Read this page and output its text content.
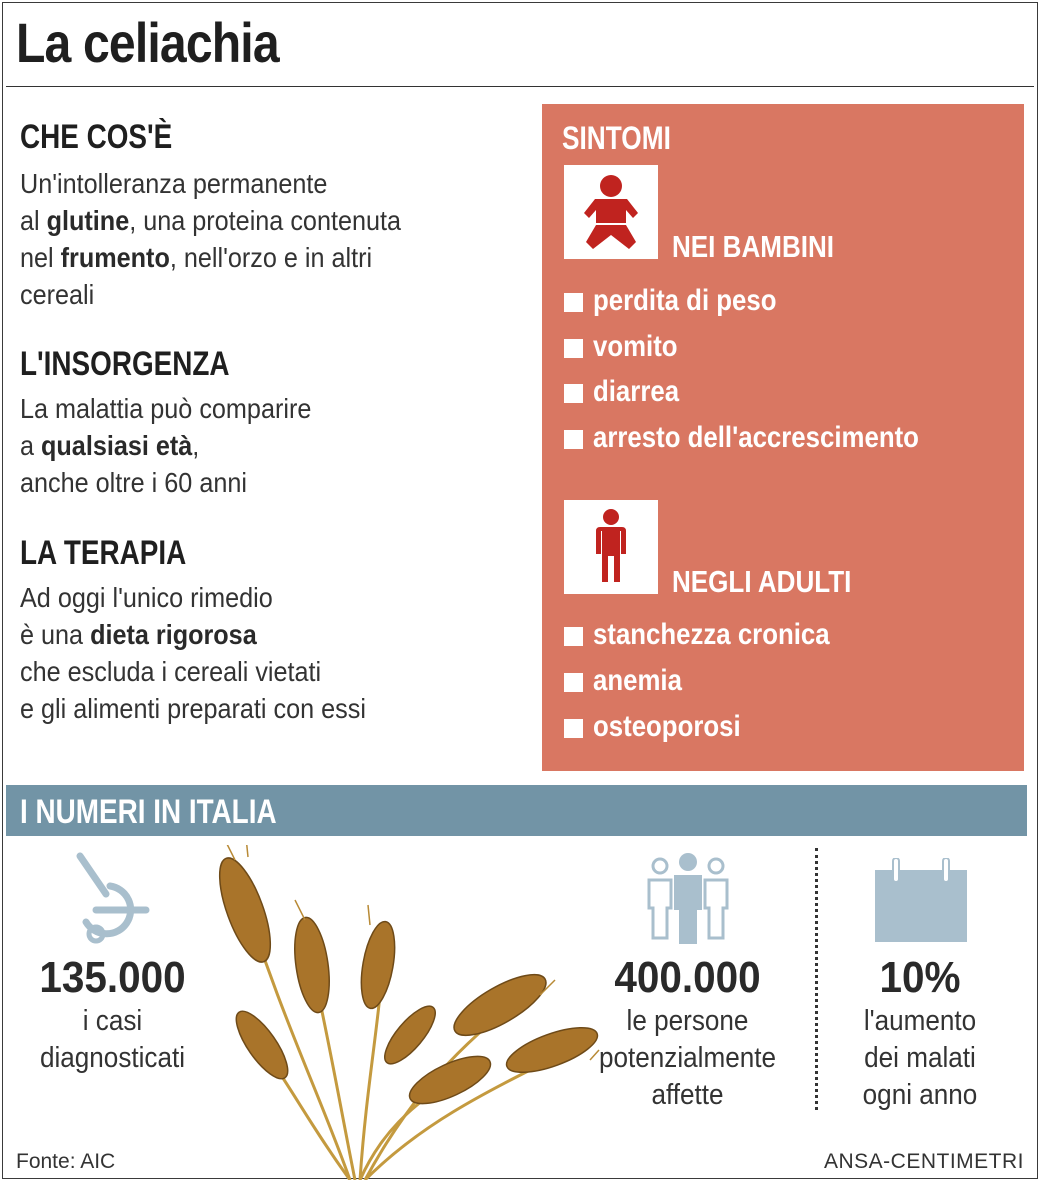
La celiachia
CHE COS'È
Un'intolleranza permanente
al glutine, una proteina contenuta
nel frumento, nell'orzo e in altri
cereali
L'INSORGENZA
La malattia può comparire
a qualsiasi età,
anche oltre i 60 anni
LA TERAPIA
Ad oggi l'unico rimedio
è una dieta rigorosa
che escluda i cereali vietati
e gli alimenti preparati con essi
SINTOMI
NEI BAMBINI
perdita di peso
vomito
diarrea
arresto dell'accrescimento
NEGLI ADULTI
stanchezza cronica
anemia
osteoporosi
I NUMERI IN ITALIA
135.000
i casi
diagnosticati
400.000
le persone
potenzialmente
affette
10%
l'aumento
dei malati
ogni anno
Fonte: AIC	ANSA-CENTIMETRI
